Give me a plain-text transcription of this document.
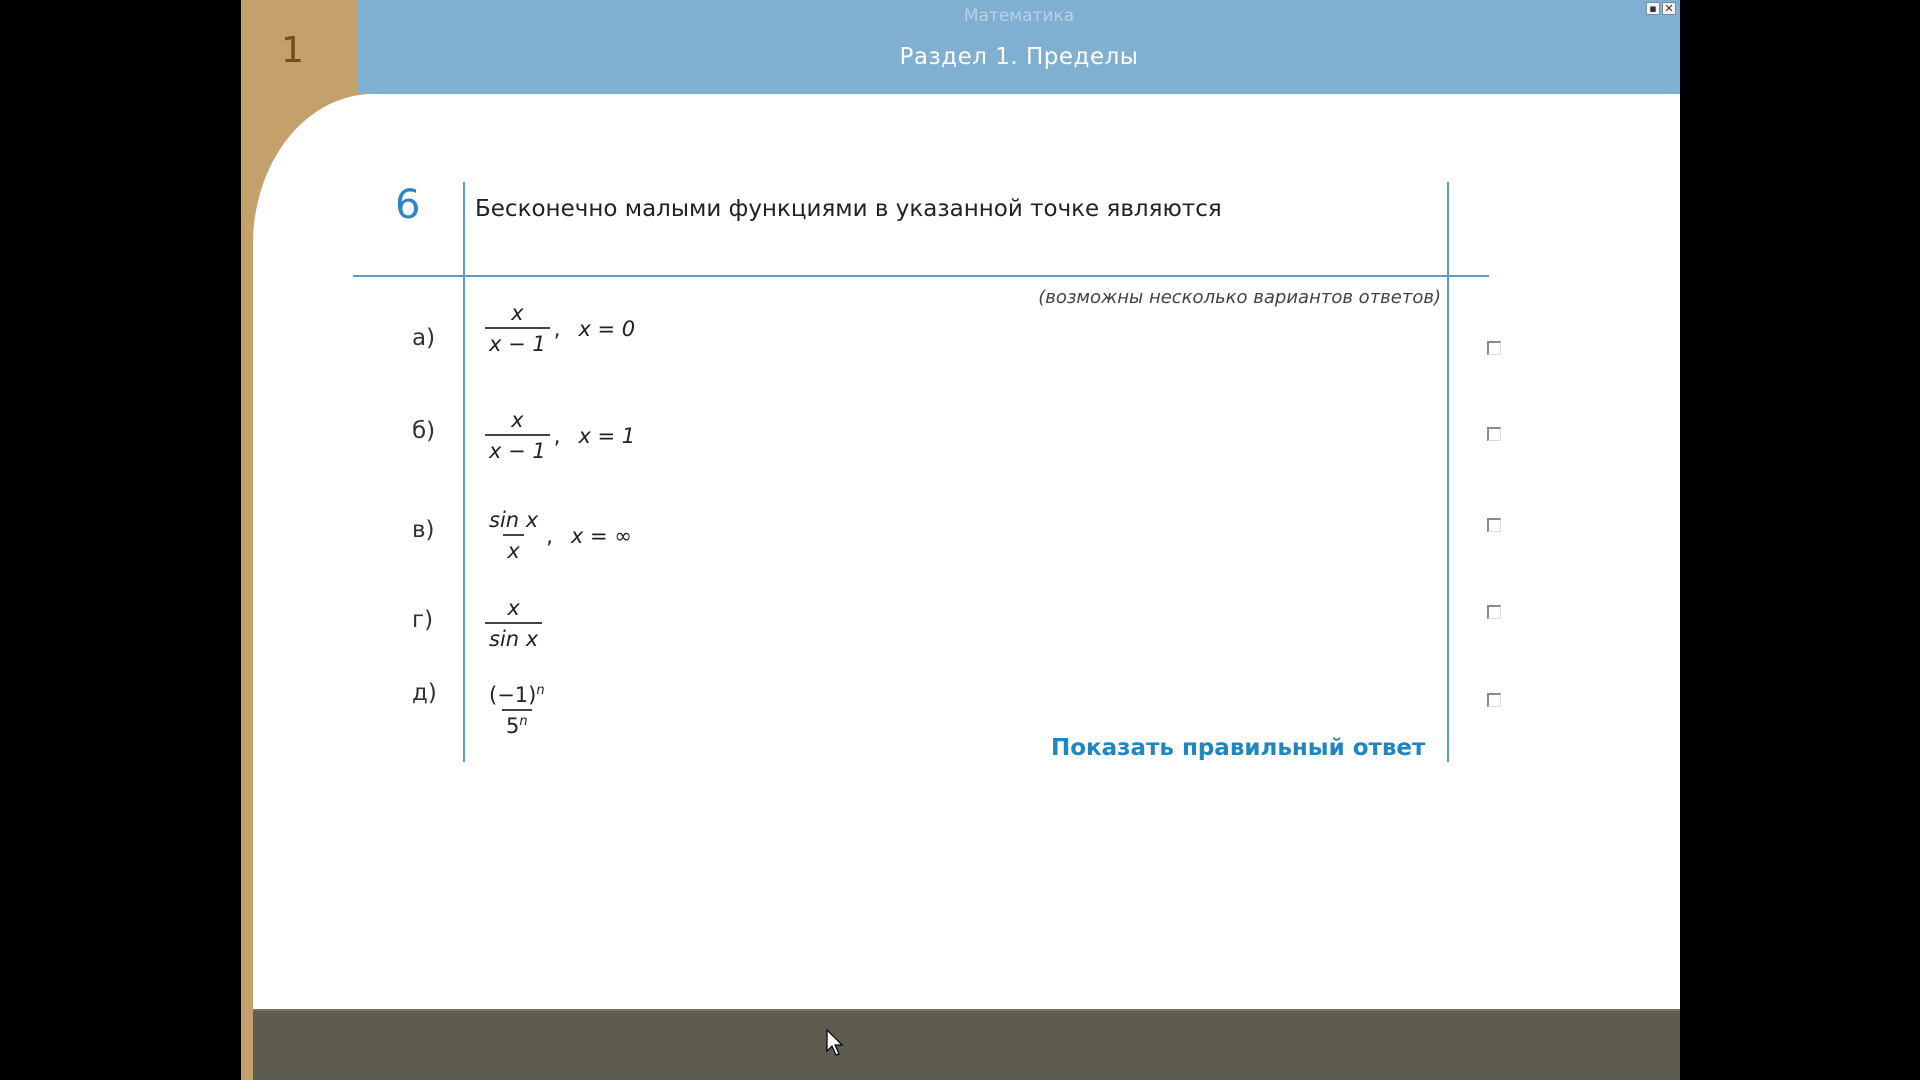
Математика
Раздел 1. Пределы
▪ ✕
1
6 Бесконечно малыми функциями в указанной точке являются
(возможны несколько вариантов ответов)
$а) \frac{x}{x - 1}$ , x = 0
$б) \frac{x}{x - 1}$ , x = 1
$в) \frac{\text{sin x}}{x}$ , x = ∞
$г) \frac{x}{\text{sin x}}$
$д) \frac{(-1)^n}{5^n}$
Показать правильный ответ
